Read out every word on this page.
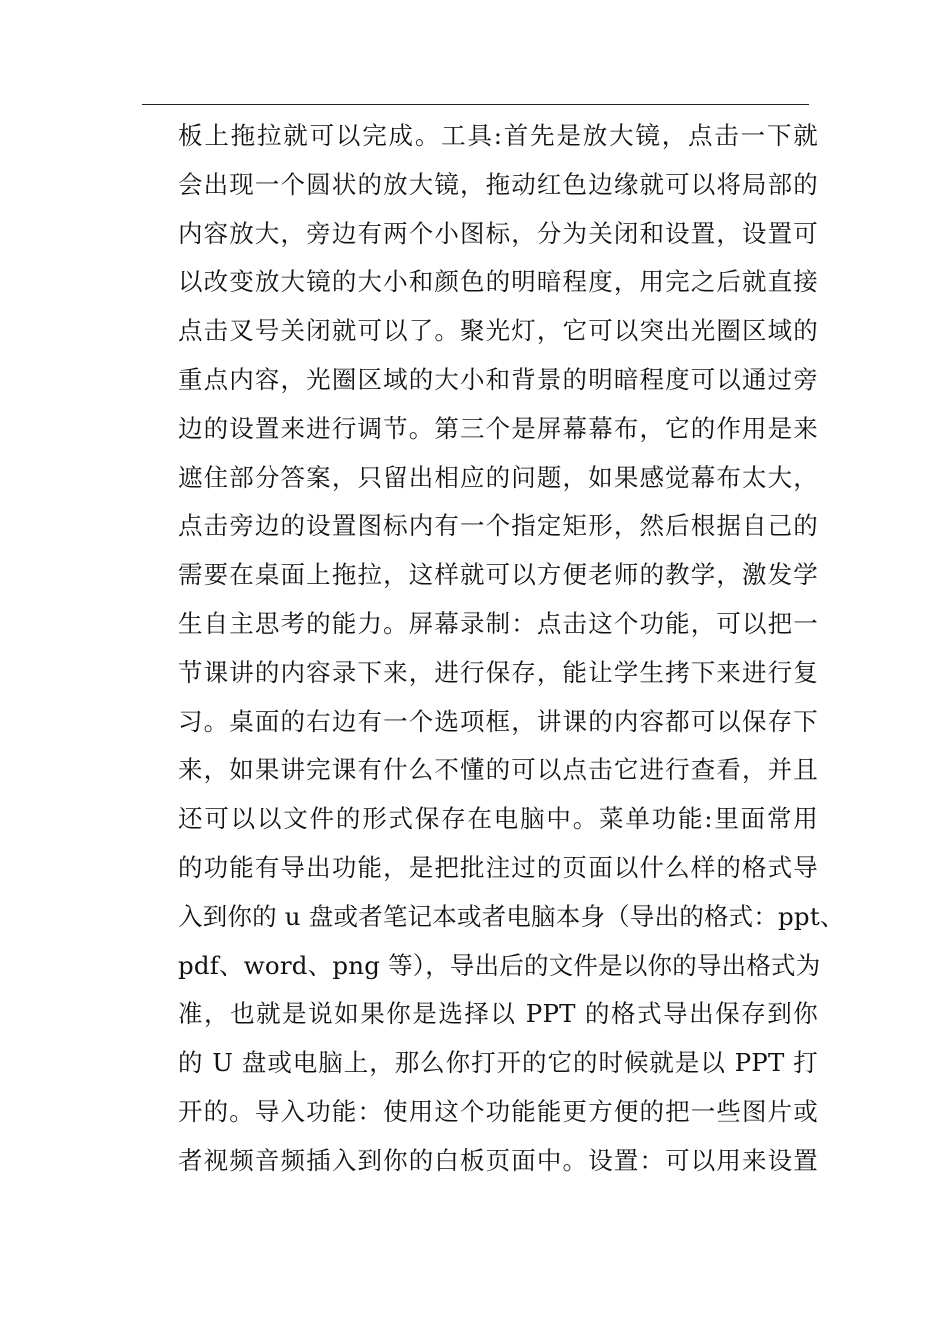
板上拖拉就可以完成。工具:首先是放大镜，点击一下就
会出现一个圆状的放大镜，拖动红色边缘就可以将局部的
内容放大，旁边有两个小图标，分为关闭和设置，设置可
以改变放大镜的大小和颜色的明暗程度，用完之后就直接
点击叉号关闭就可以了。聚光灯，它可以突出光圈区域的
重点内容，光圈区域的大小和背景的明暗程度可以通过旁
边的设置来进行调节。第三个是屏幕幕布，它的作用是来
遮住部分答案，只留出相应的问题，如果感觉幕布太大，
点击旁边的设置图标内有一个指定矩形，然后根据自己的
需要在桌面上拖拉，这样就可以方便老师的教学，激发学
生自主思考的能力。屏幕录制：点击这个功能，可以把一
节课讲的内容录下来，进行保存，能让学生拷下来进行复
习。桌面的右边有一个选项框，讲课的内容都可以保存下
来，如果讲完课有什么不懂的可以点击它进行查看，并且
还可以以文件的形式保存在电脑中。菜单功能:里面常用
的功能有导出功能，是把批注过的页面以什么样的格式导
入到你的 u 盘或者笔记本或者电脑本身（导出的格式：ppt、
pdf、word、png 等），导出后的文件是以你的导出格式为
准，也就是说如果你是选择以 PPT 的格式导出保存到你
的 U 盘或电脑上，那么你打开的它的时候就是以 PPT 打
开的。导入功能：使用这个功能能更方便的把一些图片或
者视频音频插入到你的白板页面中。设置：可以用来设置
